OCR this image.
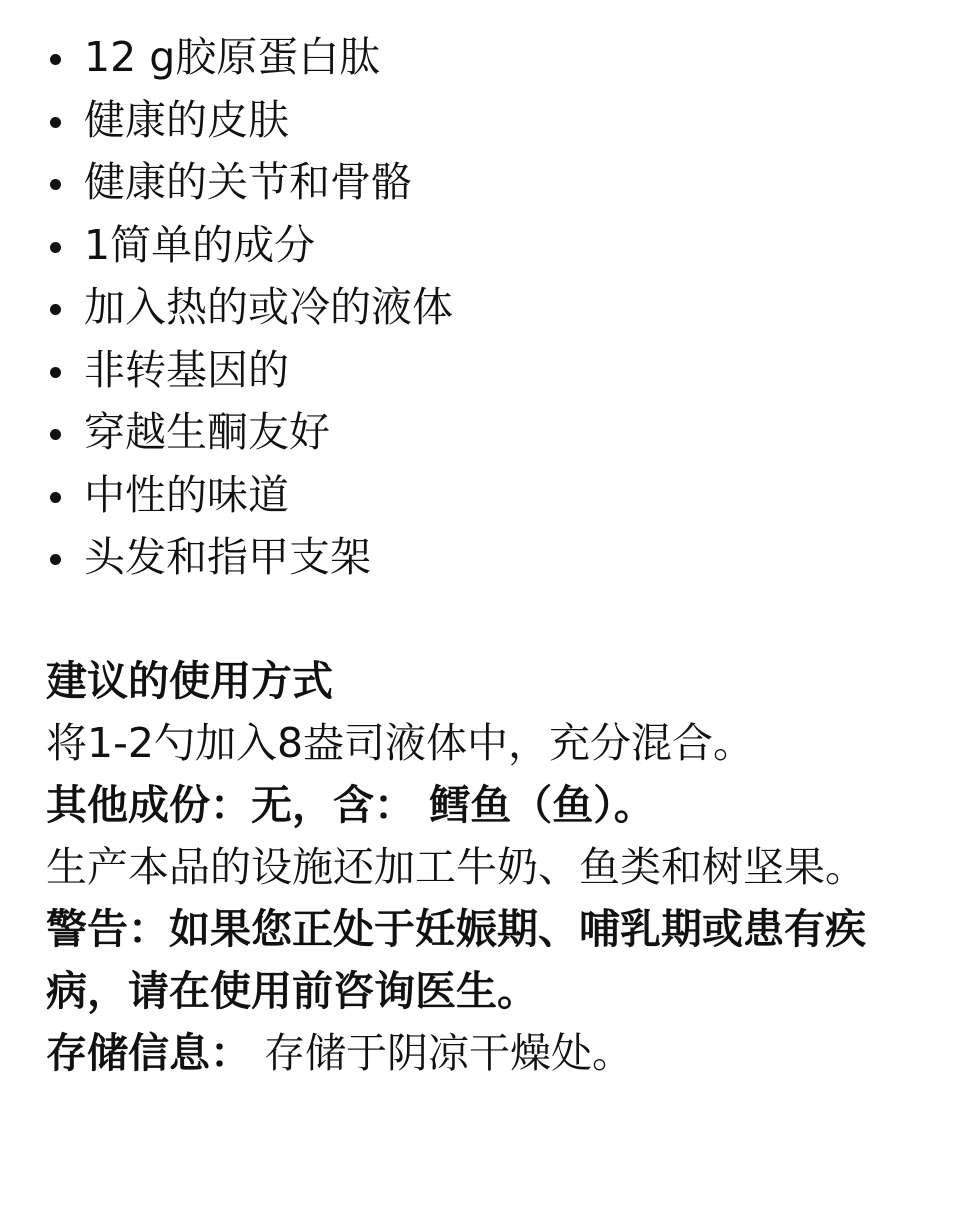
12 g胶原蛋白肽
健康的皮肤
健康的关节和骨骼
1简单的成分
加入热的或冷的液体
非转基因的
穿越生酮友好
中性的味道
头发和指甲支架
建议的使用方式
将1-2勺加入8盎司液体中，充分混合。
其他成份：无，含： 鳕鱼（鱼）。
生产本品的设施还加工牛奶、鱼类和树坚果。
警告：如果您正处于妊娠期、哺乳期或患有疾病，请在使用前咨询医生。
存储信息： 存储于阴凉干燥处。
